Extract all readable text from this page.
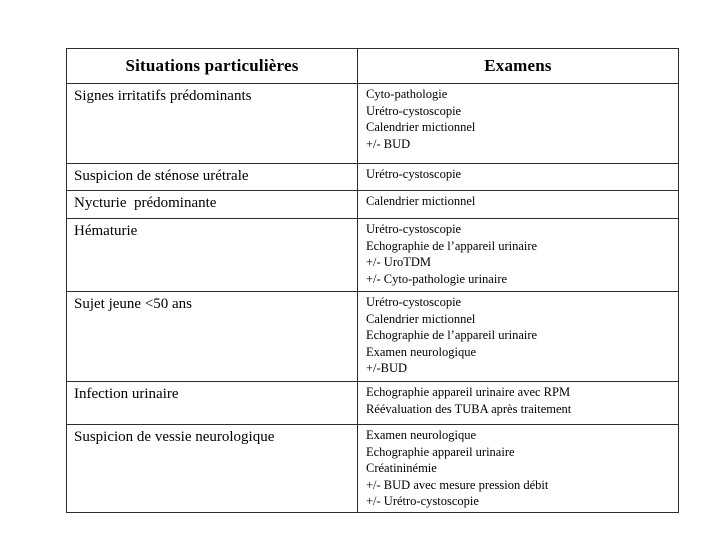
Situations particulières	Examens
Signes irritatifs prédominants	Cyto-pathologie
Urétro-cystoscopie
Calendrier mictionnel
+/- BUD

Suspicion de sténose urétrale	Urétro-cystoscopie

Nycturie  prédominante	Calendrier mictionnel

Hématurie	Urétro-cystoscopie
Echographie de l’appareil urinaire
+/- UroTDM
+/- Cyto-pathologie urinaire

Sujet jeune <50 ans	Urétro-cystoscopie
Calendrier mictionnel
Echographie de l’appareil urinaire
Examen neurologique
+/-BUD

Infection urinaire	Echographie appareil urinaire avec RPM
Réévaluation des TUBA après traitement

Suspicion de vessie neurologique	Examen neurologique
Echographie appareil urinaire
Créatininémie
+/- BUD avec mesure pression débit
+/- Urétro-cystoscopie
